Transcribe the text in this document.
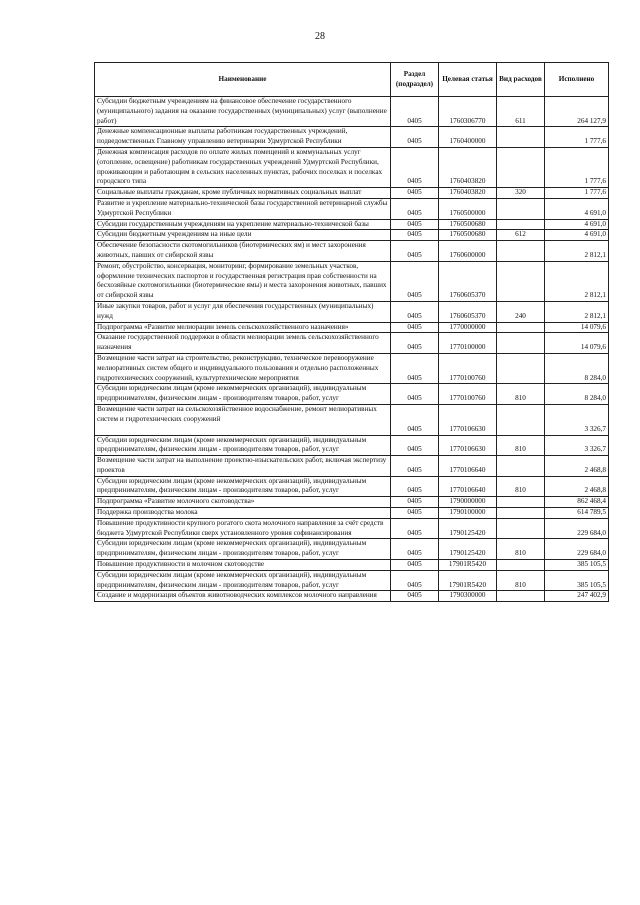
28
Наименование	Раздел (подраздел)	Целевая статья	Вид расходов	Исполнено
Субсидии бюджетным учреждениям на финансовое обеспечение государственного (муниципального) задания на оказание государственных (муниципальных) услуг (выполнение работ)	0405	1760306770	611	264 127,9
Денежные компенсационные выплаты работникам государственных учреждений, подведомственных Главному управлению ветеринарии Удмуртской Республики	0405	1760400000		1 777,6
Денежная компенсация расходов по оплате жилых помещений и коммунальных услуг (отопление, освещение) работникам государственных учреждений Удмуртской Республики, проживающим и работающим в сельских населенных пунктах, рабочих поселках и поселках городского типа	0405	1760403820		1 777,6
Социальные выплаты гражданам, кроме публичных нормативных социальных выплат	0405	1760403820	320	1 777,6
Развитие и укрепление материально-технической базы государственной ветеринарной службы Удмуртской Республики	0405	1760500000		4 691,0
Субсидии государственным учреждениям на укрепление материально-технической базы	0405	1760500680		4 691,0
Субсидии бюджетным учреждениям на иные цели	0405	1760500680	612	4 691,0
Обеспечение безопасности скотомогильников (биотермических ям) и мест захоронения животных, павших от сибирской язвы	0405	1760600000		2 812,1
Ремонт, обустройство, консервация, мониторинг, формирование земельных участков, оформление технических паспортов и государственная регистрация прав собственности на бесхозяйные скотомогильники (биотермические ямы) и места захоронения животных, павших от сибирской язвы	0405	1760605370		2 812,1
Иные закупки товаров, работ и услуг для обеспечения государственных (муниципальных) нужд	0405	1760605370	240	2 812,1
Подпрограмма «Развитие мелиорации земель сельскохозяйственного назначения»	0405	1770000000		14 079,6
Оказание государственной поддержки в области мелиорации земель сельскохозяйственного назначения	0405	1770100000		14 079,6
Возмещение части затрат на строительство, реконструкцию, техническое перевооружение мелиоративных систем общего и индивидуального пользования и отдельно расположенных гидротехнических сооружений, культуртехнические мероприятия	0405	1770100760		8 284,0
Субсидии юридическим лицам (кроме некоммерческих организаций), индивидуальным предпринимателям, физическим лицам - производителям товаров, работ, услуг	0405	1770100760	810	8 284,0
Возмещение части затрат на сельскохозяйственное водоснабжение, ремонт мелиоративных систем и гидротехнических сооружений	0405	1770106630		3 326,7
Субсидии юридическим лицам (кроме некоммерческих организаций), индивидуальным предпринимателям, физическим лицам - производителям товаров, работ, услуг	0405	1770106630	810	3 326,7
Возмещение части затрат на выполнение проектно-изыскательских работ, включая экспертизу проектов	0405	1770106640		2 468,8
Субсидии юридическим лицам (кроме некоммерческих организаций), индивидуальным предпринимателям, физическим лицам - производителям товаров, работ, услуг	0405	1770106640	810	2 468,8
Подпрограмма «Развитие молочного скотоводства»	0405	1790000000		862 468,4
Поддержка производства молока	0405	1790100000		614 789,5
Повышение продуктивности крупного рогатого скота молочного направления за счёт средств бюджета Удмуртской Республики сверх установленного уровня софинансирования	0405	1790125420		229 684,0
Субсидии юридическим лицам (кроме некоммерческих организаций), индивидуальным предпринимателям, физическим лицам - производителям товаров, работ, услуг	0405	1790125420	810	229 684,0
Повышение продуктивности в молочном скотоводстве	0405	17901R5420		385 105,5
Субсидии юридическим лицам (кроме некоммерческих организаций), индивидуальным предпринимателям, физическим лицам - производителям товаров, работ, услуг	0405	17901R5420	810	385 105,5
Создание и модернизация объектов животноводческих комплексов молочного направления	0405	1790300000		247 402,9
